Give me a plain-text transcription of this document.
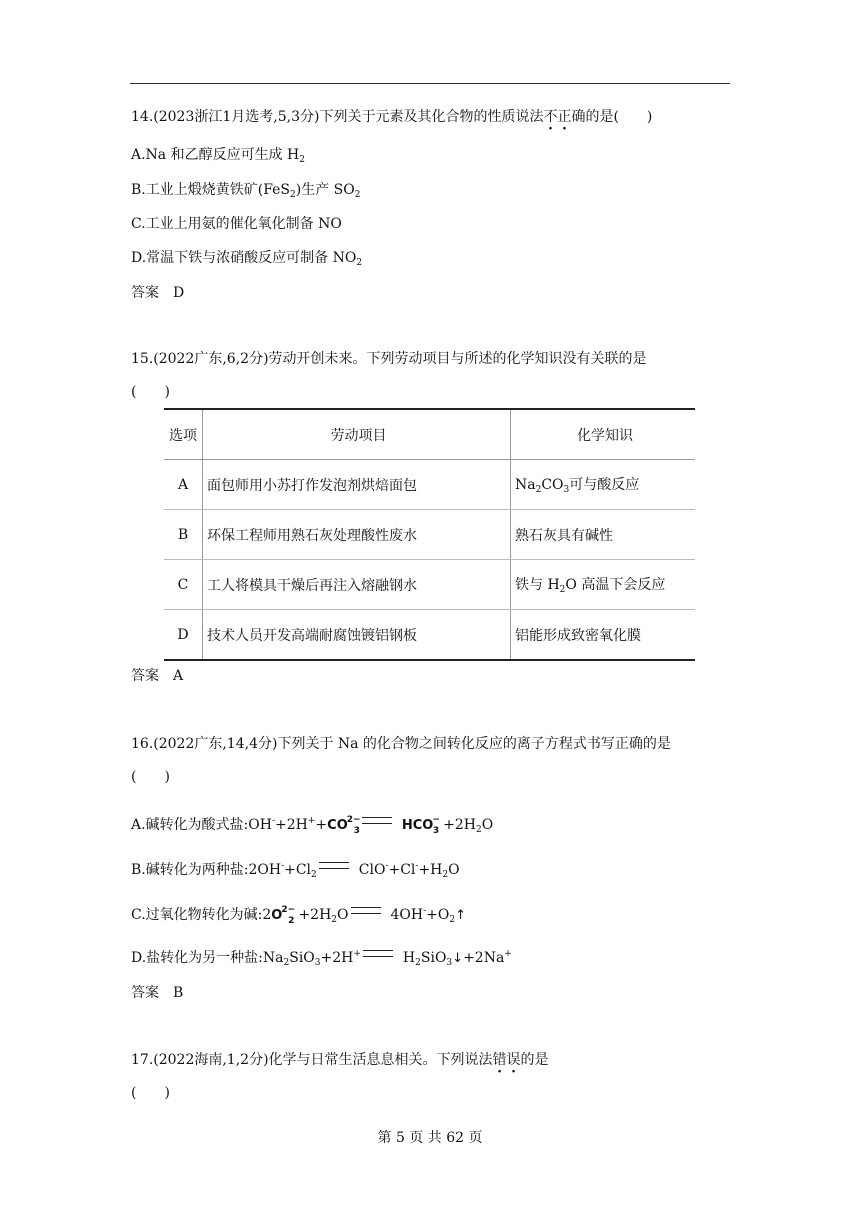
14.(2023浙江1月选考,5,3分)下列关于元素及其化合物的性质说法不正确的是(　　)
A.Na 和乙醇反应可生成 $H_2$
B.工业上煅烧黄铁矿(FeS$_2$)生产 $SO_2$
C.工业上用氨的催化氧化制备 NO
D.常温下铁与浓硝酸反应可制备 $NO_2$
答案　D
15.(2022广东,6,2分)劳动开创未来。下列劳动项目与所述的化学知识没有关联的是
(　　)
选项	劳动项目	化学知识
A	面包师用小苏打作发泡剂烘焙面包	$Na_2CO_3$可与酸反应
B	环保工程师用熟石灰处理酸性废水	熟石灰具有碱性
C	工人将模具干燥后再注入熔融钢水	铁与 $H_2O$ 高温下会反应
D	技术人员开发高端耐腐蚀镀铝钢板	铝能形成致密氧化膜
答案　A
16.(2022广东,14,4分)下列关于 Na 的化合物之间转化反应的离子方程式书写正确的是
(　　)
A.碱转化为酸式盐$:OH^-+2H^++CO^{2-}_3$	$HCO^-_3 +2H_2O$
B.碱转化为两种盐$:2OH^-+Cl_2$	$ClO^-+Cl^-+H_2O$
C.过氧化物转化为碱$:2O^{2-}_2 +2H_2O$	$4OH^-+O_2↑$
D.盐转化为另一种盐$:Na_2SiO_3+2H^+$	$H_2SiO_3↓+2Na^+$
答案　B
17.(2022海南,1,2分)化学与日常生活息息相关。下列说法错误的是
(　　)
第 5 页 共 62 页
